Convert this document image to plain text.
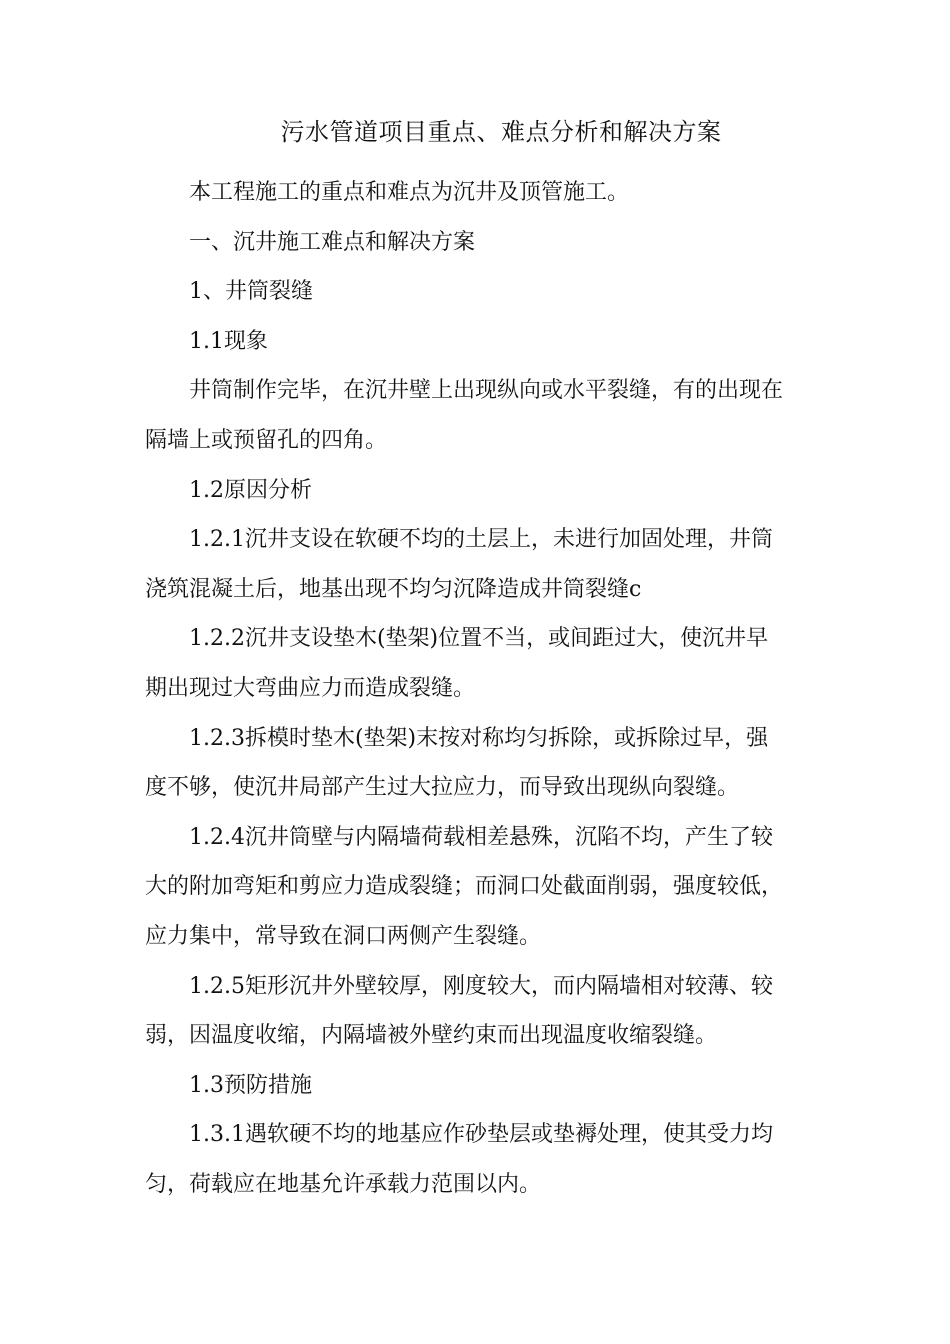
污水管道项目重点、难点分析和解决方案

本工程施工的重点和难点为沉井及顶管施工。

一、沉井施工难点和解决方案

1、井筒裂缝

1.1现象

井筒制作完毕，在沉井壁上出现纵向或水平裂缝，有的出现在
隔墙上或预留孔的四角。

1.2原因分析

1.2.1沉井支设在软硬不均的土层上，未进行加固处理，井筒
浇筑混凝土后，地基出现不均匀沉降造成井筒裂缝c

1.2.2沉井支设垫木(垫架)位置不当，或间距过大，使沉井早
期出现过大弯曲应力而造成裂缝。

1.2.3拆模时垫木(垫架)末按对称均匀拆除，或拆除过早，强
度不够，使沉井局部产生过大拉应力，而导致出现纵向裂缝。

1.2.4沉井筒壁与内隔墙荷载相差悬殊，沉陷不均，产生了较
大的附加弯矩和剪应力造成裂缝；而洞口处截面削弱，强度较低，
应力集中，常导致在洞口两侧产生裂缝。

1.2.5矩形沉井外壁较厚，刚度较大，而内隔墙相对较薄、较
弱，因温度收缩，内隔墙被外壁约束而出现温度收缩裂缝。

1.3预防措施

1.3.1遇软硬不均的地基应作砂垫层或垫褥处理，使其受力均
匀，荷载应在地基允许承载力范围以内。
